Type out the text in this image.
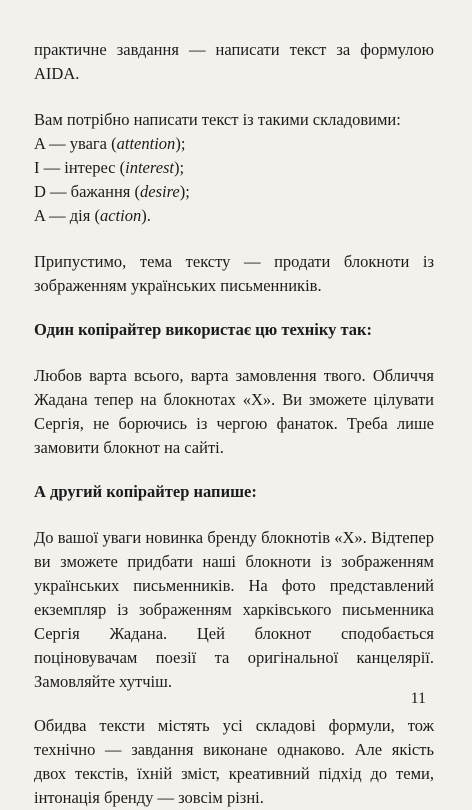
практичне завдання — написати текст за формулою AIDA.

Вам потрібно написати текст із такими складовими:

A — увага (attention);

I — інтерес (interest);

D — бажання (desire);

A — дія (action).

Припустимо, тема тексту — продати блокноти із зображенням українських письменників.

Один копірайтер використає цю техніку так:

Любов варта всього, варта замовлення твого. Обличчя Жадана тепер на блокнотах «Х». Ви зможете цілувати Сергія, не борючись із чергою фанаток. Треба лише замовити блокнот на сайті.

А другий копірайтер напише:

До вашої уваги новинка бренду блокнотів «Х». Відтепер ви зможете придбати наші блокноти із зображенням українських письменників. На фото представлений екземпляр із зображенням харківського письменника Сергія Жадана. Цей блокнот сподобається поціновувачам поезії та оригінальної канцелярії. Замовляйте хутчіш.

Обидва тексти містять усі складові формули, тож технічно — завдання виконане однаково. Але якість двох текстів, їхній зміст, креативний підхід до теми, інтонація бренду — зовсім різні.

11
